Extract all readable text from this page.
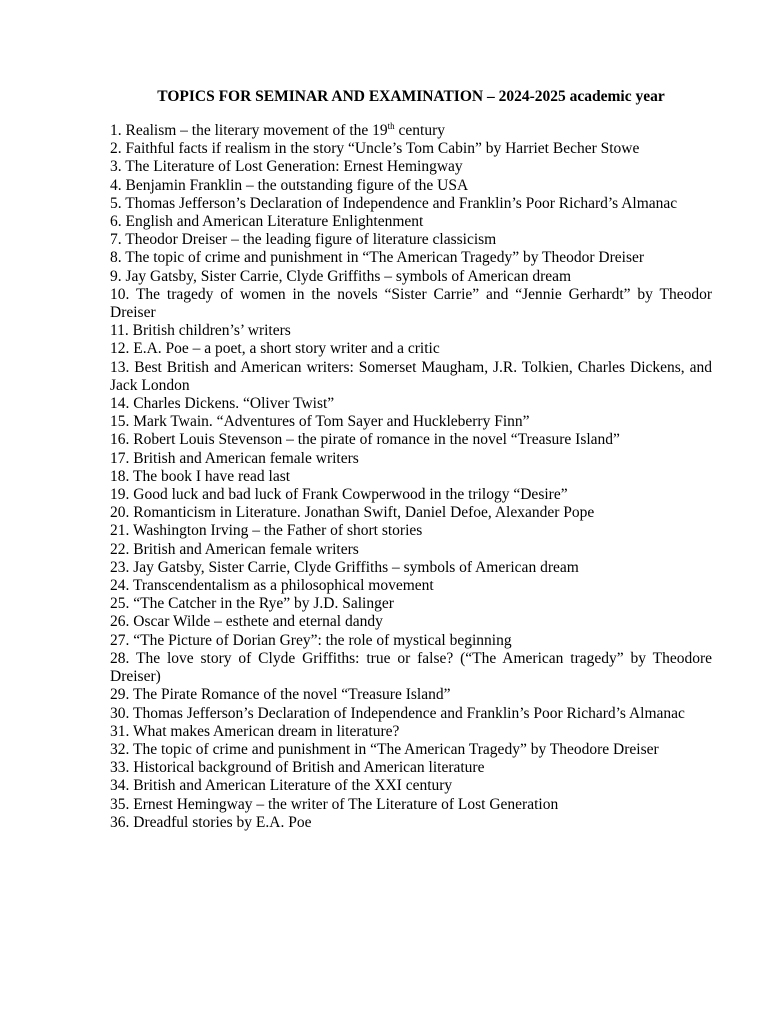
TOPICS FOR SEMINAR AND EXAMINATION – 2024-2025 academic year
1. Realism – the literary movement of the 19th century
2. Faithful facts if realism in the story “Uncle’s Tom Cabin” by Harriet Becher Stowe
3. The Literature of Lost Generation: Ernest Hemingway
4. Benjamin Franklin – the outstanding figure of the USA
5. Thomas Jefferson’s Declaration of Independence and Franklin’s Poor Richard’s Almanac
6. English and American Literature Enlightenment
7. Theodor Dreiser – the leading figure of literature classicism
8. The topic of crime and punishment in “The American Tragedy” by Theodor Dreiser
9. Jay Gatsby, Sister Carrie, Clyde Griffiths – symbols of American dream
10. The tragedy of women in the novels “Sister Carrie” and “Jennie Gerhardt” by Theodor Dreiser
11. British children’s’ writers
12. E.A. Poe – a poet, a short story writer and a critic
13. Best British and American writers: Somerset Maugham, J.R. Tolkien, Charles Dickens, and Jack London
14. Charles Dickens. “Oliver Twist”
15. Mark Twain. “Adventures of Tom Sayer and Huckleberry Finn”
16. Robert Louis Stevenson – the pirate of romance in the novel “Treasure Island”
17. British and American female writers
18. The book I have read last
19. Good luck and bad luck of Frank Cowperwood in the trilogy “Desire”
20. Romanticism in Literature. Jonathan Swift, Daniel Defoe, Alexander Pope
21. Washington Irving – the Father of short stories
22. British and American female writers
23. Jay Gatsby, Sister Carrie, Clyde Griffiths – symbols of American dream
24. Transcendentalism as a philosophical movement
25. “The Catcher in the Rye” by J.D. Salinger
26. Oscar Wilde – esthete and eternal dandy
27. “The Picture of Dorian Grey”: the role of mystical beginning
28. The love story of Clyde Griffiths: true or false? (“The American tragedy” by Theodore Dreiser)
29. The Pirate Romance of the novel “Treasure Island”
30. Thomas Jefferson’s Declaration of Independence and Franklin’s Poor Richard’s Almanac
31. What makes American dream in literature?
32. The topic of crime and punishment in “The American Tragedy” by Theodore Dreiser
33. Historical background of British and American literature
34. British and American Literature of the XXI century
35. Ernest Hemingway – the writer of The Literature of Lost Generation
36. Dreadful stories by E.A. Poe
